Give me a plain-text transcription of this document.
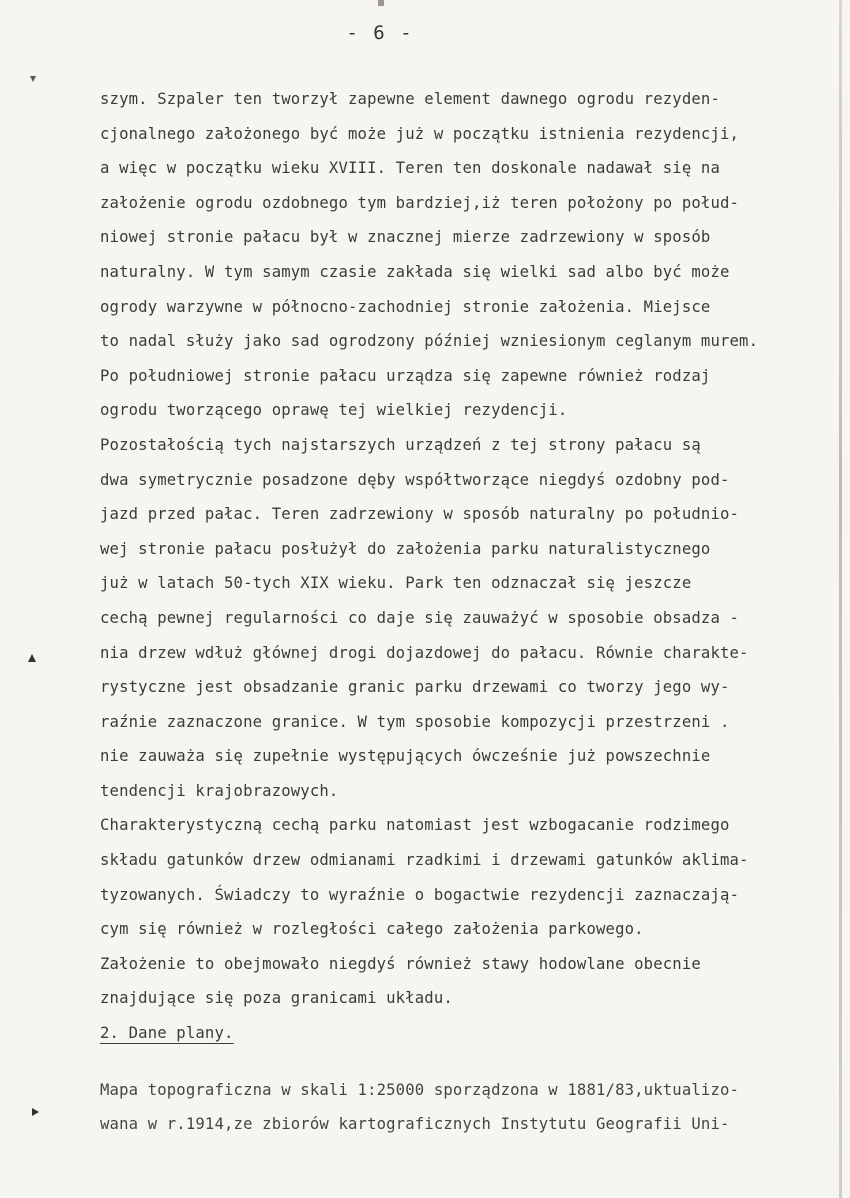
- 6 -
szym. Szpaler ten tworzył zapewne element dawnego ogrodu rezyden-
cjonalnego założonego być może już w początku istnienia rezydencji,
a więc w początku wieku XVIII. Teren ten doskonale nadawał się na
założenie ogrodu ozdobnego tym bardziej,iż teren położony po połud-
niowej stronie pałacu był w znacznej mierze zadrzewiony w sposób
naturalny. W tym samym czasie zakłada się wielki sad albo być może
ogrody warzywne w północno-zachodniej stronie założenia. Miejsce
to nadal służy jako sad ogrodzony później wzniesionym ceglanym murem.
Po południowej stronie pałacu urządza się zapewne również rodzaj
ogrodu tworzącego oprawę tej wielkiej rezydencji.
Pozostałością tych najstarszych urządzeń z tej strony pałacu są
dwa symetrycznie posadzone dęby współtworzące niegdyś ozdobny pod-
jazd przed pałac. Teren zadrzewiony w sposób naturalny po południo-
wej stronie pałacu posłużył do założenia parku naturalistycznego
już w latach 50-tych XIX wieku. Park ten odznaczał się jeszcze
cechą pewnej regularności co daje się zauważyć w sposobie obsadza -
nia drzew wdłuż głównej drogi dojazdowej do pałacu. Równie charakte-
rystyczne jest obsadzanie granic parku drzewami co tworzy jego wy-
raźnie zaznaczone granice. W tym sposobie kompozycji przestrzeni .
nie zauważa się zupełnie występujących ówcześnie już powszechnie
tendencji krajobrazowych.
Charakterystyczną cechą parku natomiast jest wzbogacanie rodzimego
składu gatunków drzew odmianami rzadkimi i drzewami gatunków aklima-
tyzowanych. Świadczy to wyraźnie o bogactwie rezydencji zaznaczają-
cym się również w rozległości całego założenia parkowego.
Założenie to obejmowało niegdyś również stawy hodowlane obecnie
znajdujące się poza granicami układu.
2. Dane plany.
Mapa topograficzna w skali 1:25000 sporządzona w 1881/83,uktualizo-
wana w r.1914,ze zbiorów kartograficznych Instytutu Geografii Uni-
